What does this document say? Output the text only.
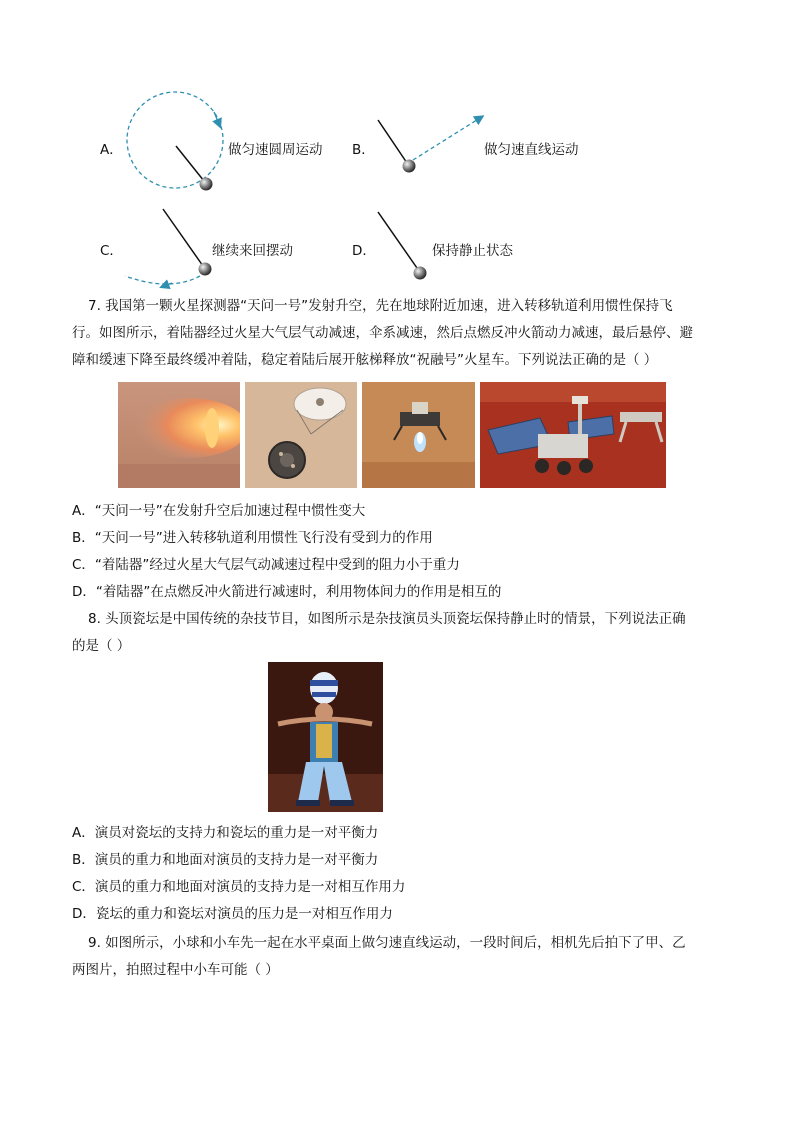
A．	做匀速圆周运动 B．	做匀速直线运动
C．	继续来回摆动	D．	保持静止状态
7. 我国第一颗火星探测器“天问一号”发射升空，先在地球附近加速，进入转移轨道利用惯性保持飞
行。如图所示，着陆器经过火星大气层气动减速，伞系减速，然后点燃反冲火箭动力减速，最后悬停、避
障和缓速下降至最终缓冲着陆，稳定着陆后展开舷梯释放“祝融号”火星车。下列说法正确的是（ ）
A．“天问一号”在发射升空后加速过程中惯性变大
B．“天问一号”进入转移轨道利用惯性飞行没有受到力的作用
C．“着陆器”经过火星大气层气动减速过程中受到的阻力小于重力
D．“着陆器”在点燃反冲火箭进行减速时，利用物体间力的作用是相互的
8. 头顶瓷坛是中国传统的杂技节目，如图所示是杂技演员头顶瓷坛保持静止时的情景，下列说法正确
的是（ ）
A．演员对瓷坛的支持力和瓷坛的重力是一对平衡力
B．演员的重力和地面对演员的支持力是一对平衡力
C．演员的重力和地面对演员的支持力是一对相互作用力
D．瓷坛的重力和瓷坛对演员的压力是一对相互作用力
9. 如图所示，小球和小车先一起在水平桌面上做匀速直线运动，一段时间后，相机先后拍下了甲、乙
两图片，拍照过程中小车可能（ ）
